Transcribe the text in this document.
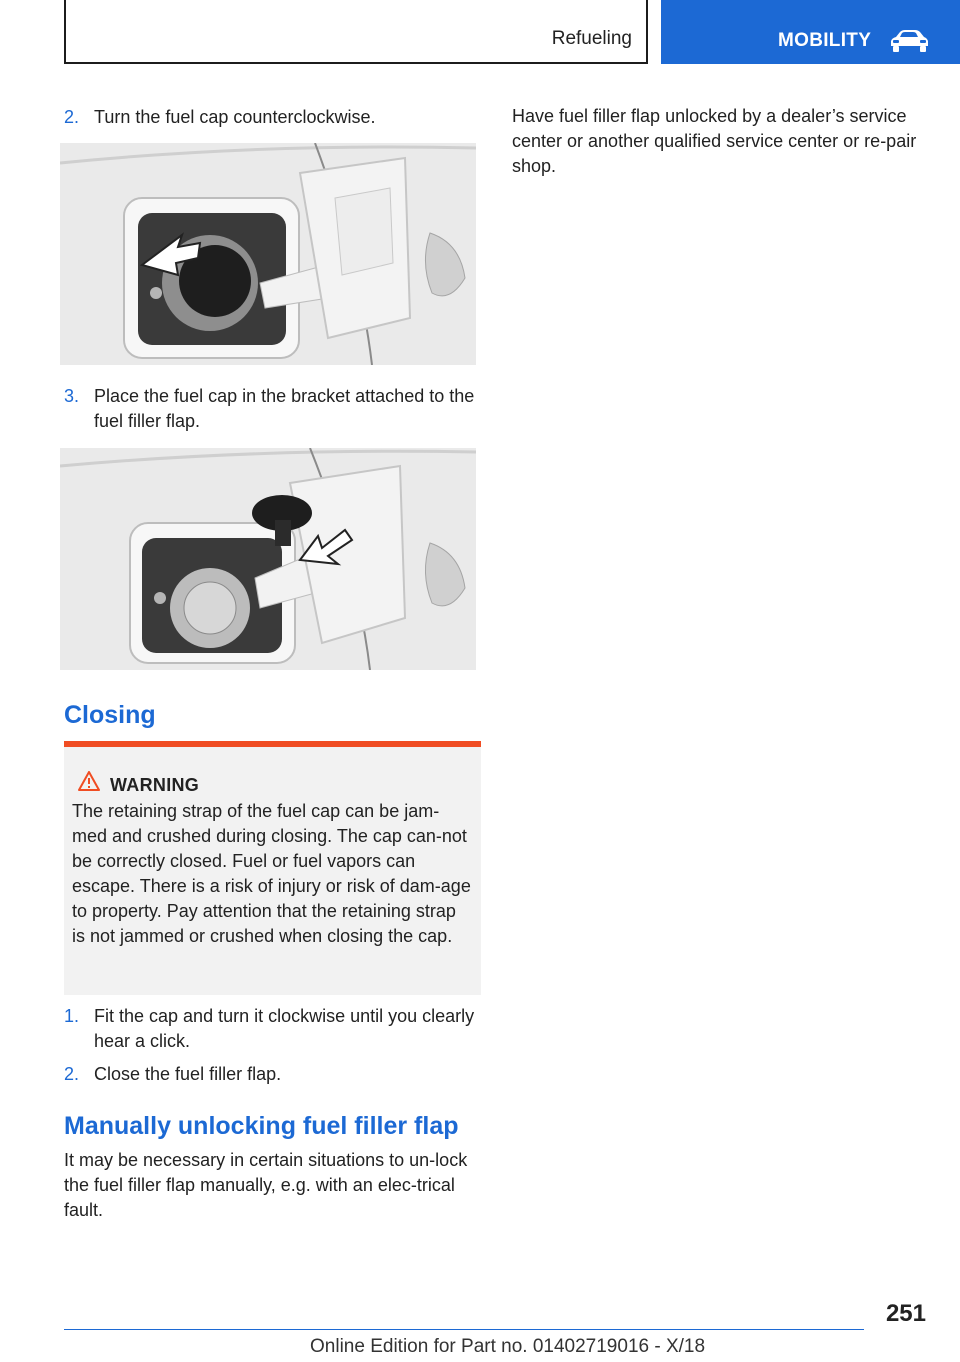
Refueling	MOBILITY
2. Turn the fuel cap counterclockwise.
3. Place the fuel cap in the bracket attached to the fuel filler flap.
Closing
WARNING
The retaining strap of the fuel cap can be jam-med and crushed during closing. The cap can-not be correctly closed. Fuel or fuel vapors can escape. There is a risk of injury or risk of dam-age to property. Pay attention that the retaining strap is not jammed or crushed when closing the cap.
1. Fit the cap and turn it clockwise until you clearly hear a click.
2. Close the fuel filler flap.
Manually unlocking fuel filler flap
It may be necessary in certain situations to un-lock the fuel filler flap manually, e.g. with an elec-trical fault.
Have fuel filler flap unlocked by a dealer’s service center or another qualified service center or re-pair shop.
251
Online Edition for Part no. 01402719016 - X/18
